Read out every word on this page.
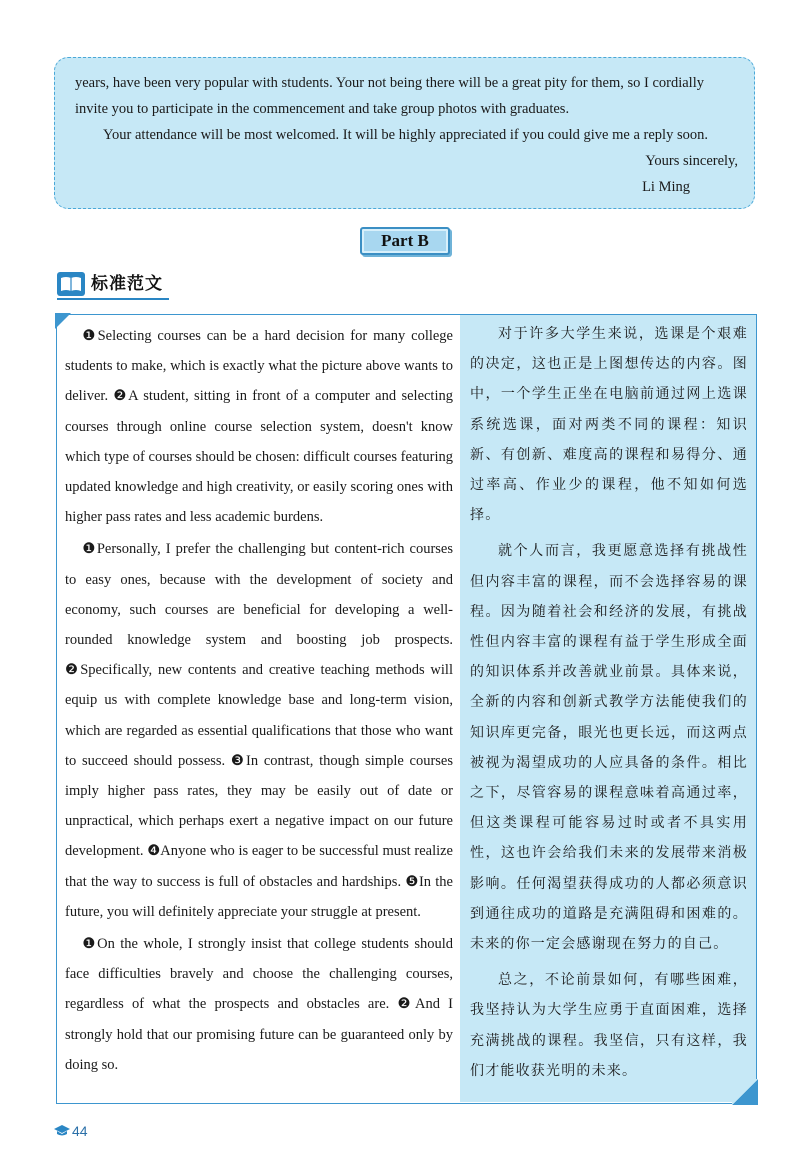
years, have been very popular with students. Your not being there will be a great pity for them, so I cordially

invite you to participate in the commencement and take group photos with graduates.

Your attendance will be most welcomed. It will be highly appreciated if you could give me a reply soon.

Yours sincerely,

Li Ming

Part B
标准范文

❶Selecting courses can be a hard decision for many college students to make, which is exactly what the picture above wants to deliver. ❷A student, sitting in front of a computer and selecting courses through online course selection system, doesn't know which type of courses should be chosen: difficult courses featuring updated knowledge and high creativity, or easily scoring ones with higher pass rates and less academic burdens.

❶Personally, I prefer the challenging but content-rich courses to easy ones, because with the development of society and economy, such courses are beneficial for developing a well-rounded knowledge system and boosting job prospects. ❷Specifically, new contents and creative teaching methods will equip us with complete knowledge base and long-term vision, which are regarded as essential qualifications that those who want to succeed should possess. ❸In contrast, though simple courses imply higher pass rates, they may be easily out of date or unpractical, which perhaps exert a negative impact on our future development. ❹Anyone who is eager to be successful must realize that the way to success is full of obstacles and hardships. ❺In the future, you will definitely appreciate your struggle at present.

❶On the whole, I strongly insist that college students should face difficulties bravely and choose the challenging courses, regardless of what the prospects and obstacles are. ❷And I strongly hold that our promising future can be guaranteed only by doing so.

对于许多大学生来说，选课是个艰难的决定，这也正是上图想传达的内容。图中，一个学生正坐在电脑前通过网上选课系统选课，面对两类不同的课程：知识新、有创新、难度高的课程和易得分、通过率高、作业少的课程，他不知如何选择。

就个人而言，我更愿意选择有挑战性但内容丰富的课程，而不会选择容易的课程。因为随着社会和经济的发展，有挑战性但内容丰富的课程有益于学生形成全面的知识体系并改善就业前景。具体来说，全新的内容和创新式教学方法能使我们的知识库更完备，眼光也更长远，而这两点被视为渴望成功的人应具备的条件。相比之下，尽管容易的课程意味着高通过率，但这类课程可能容易过时或者不具实用性，这也许会给我们未来的发展带来消极影响。任何渴望获得成功的人都必须意识到通往成功的道路是充满阻碍和困难的。未来的你一定会感谢现在努力的自己。

总之，不论前景如何，有哪些困难，我坚持认为大学生应勇于直面困难，选择充满挑战的课程。我坚信，只有这样，我们才能收获光明的未来。

44
